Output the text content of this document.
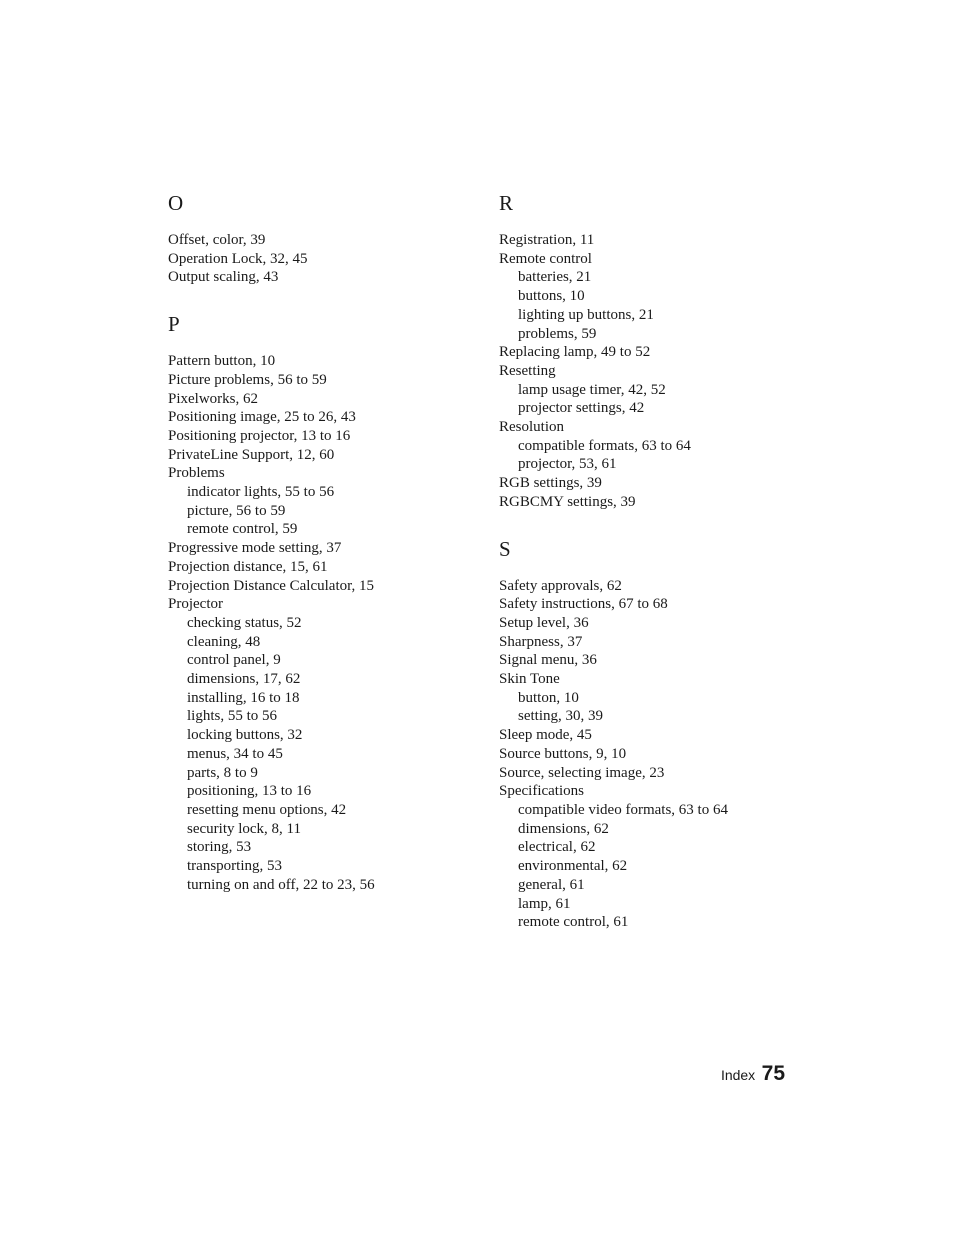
O
Offset, color, 39
Operation Lock, 32, 45
Output scaling, 43
P
Pattern button, 10
Picture problems, 56 to 59
Pixelworks, 62
Positioning image, 25 to 26, 43
Positioning projector, 13 to 16
PrivateLine Support, 12, 60
Problems
indicator lights, 55 to 56
picture, 56 to 59
remote control, 59
Progressive mode setting, 37
Projection distance, 15, 61
Projection Distance Calculator, 15
Projector
checking status, 52
cleaning, 48
control panel, 9
dimensions, 17, 62
installing, 16 to 18
lights, 55 to 56
locking buttons, 32
menus, 34 to 45
parts, 8 to 9
positioning, 13 to 16
resetting menu options, 42
security lock, 8, 11
storing, 53
transporting, 53
turning on and off, 22 to 23, 56
R
Registration, 11
Remote control
batteries, 21
buttons, 10
lighting up buttons, 21
problems, 59
Replacing lamp, 49 to 52
Resetting
lamp usage timer, 42, 52
projector settings, 42
Resolution
compatible formats, 63 to 64
projector, 53, 61
RGB settings, 39
RGBCMY settings, 39
S
Safety approvals, 62
Safety instructions, 67 to 68
Setup level, 36
Sharpness, 37
Signal menu, 36
Skin Tone
button, 10
setting, 30, 39
Sleep mode, 45
Source buttons, 9, 10
Source, selecting image, 23
Specifications
compatible video formats, 63 to 64
dimensions, 62
electrical, 62
environmental, 62
general, 61
lamp, 61
remote control, 61
Index 75
